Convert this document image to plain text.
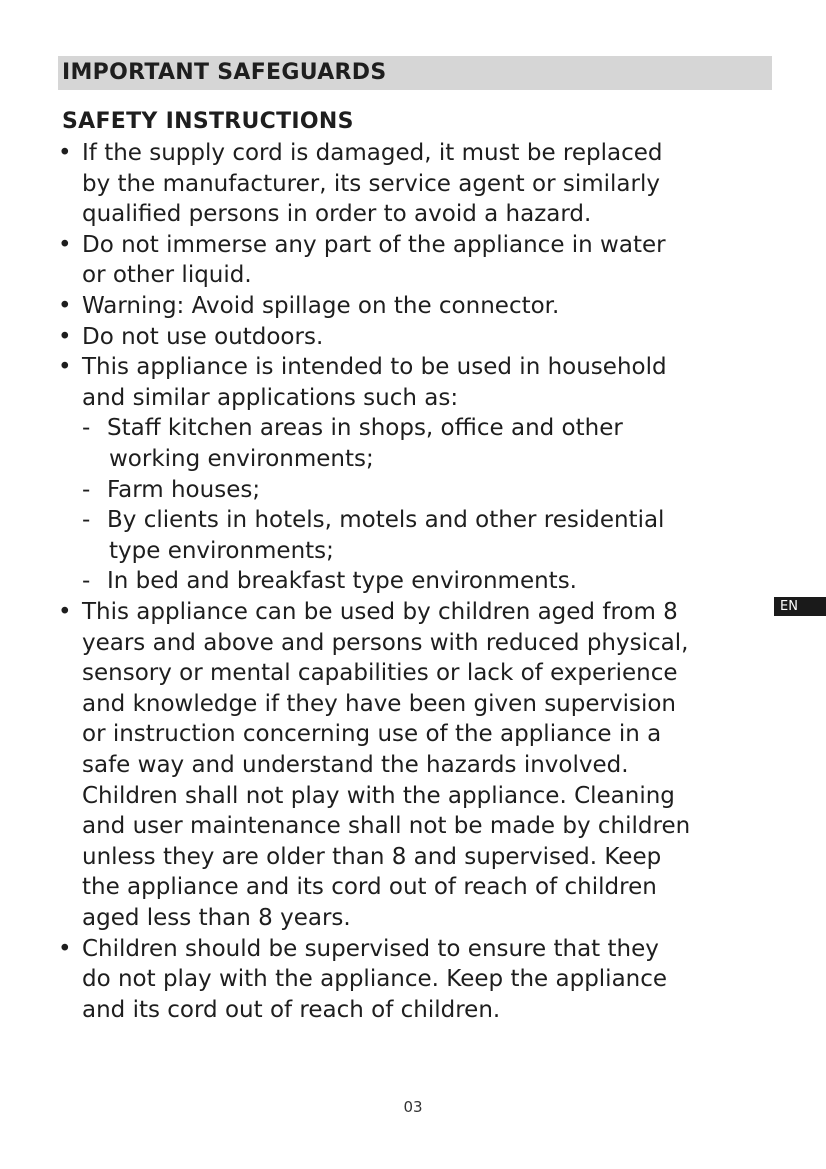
IMPORTANT SAFEGUARDS
SAFETY INSTRUCTIONS
• If the supply cord is damaged, it must be replaced
by the manufacturer, its service agent or similarly
qualified persons in order to avoid a hazard.
• Do not immerse any part of the appliance in water
or other liquid.
• Warning: Avoid spillage on the connector.
• Do not use outdoors.
• This appliance is intended to be used in household
and similar applications such as:
- Staff kitchen areas in shops, office and other
working environments;
- Farm houses;
- By clients in hotels, motels and other residential
type environments;
- In bed and breakfast type environments.
• This appliance can be used by children aged from 8
years and above and persons with reduced physical,
sensory or mental capabilities or lack of experience
and knowledge if they have been given supervision
or instruction concerning use of the appliance in a
safe way and understand the hazards involved.
Children shall not play with the appliance. Cleaning
and user maintenance shall not be made by children
unless they are older than 8 and supervised. Keep
the appliance and its cord out of reach of children
aged less than 8 years.
• Children should be supervised to ensure that they
do not play with the appliance. Keep the appliance
and its cord out of reach of children.
EN
03
